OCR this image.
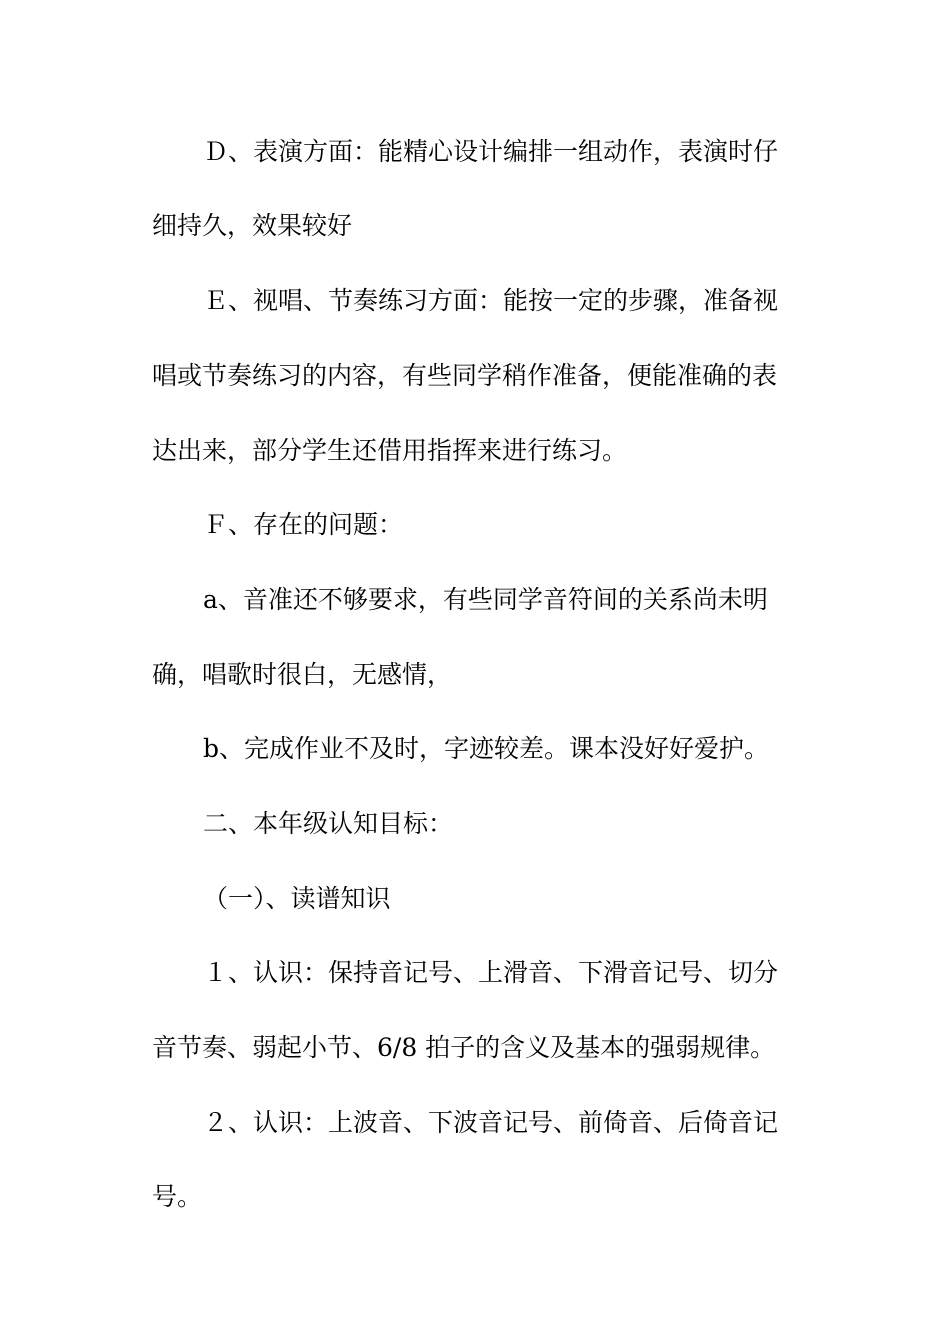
Ｄ、表演方面：能精心设计编排一组动作，表演时仔
细持久，效果较好
Ｅ、视唱、节奏练习方面：能按一定的步骤，准备视
唱或节奏练习的内容，有些同学稍作准备，便能准确的表
达出来，部分学生还借用指挥来进行练习。
Ｆ、存在的问题：
a、音准还不够要求，有些同学音符间的关系尚未明
确，唱歌时很白，无感情，
b、完成作业不及时，字迹较差。课本没好好爱护。
二、本年级认知目标：
（一）、读谱知识
１、认识：保持音记号、上滑音、下滑音记号、切分
音节奏、弱起小节、6/8 拍子的含义及基本的强弱规律。
２、认识：上波音、下波音记号、前倚音、后倚音记
号。
